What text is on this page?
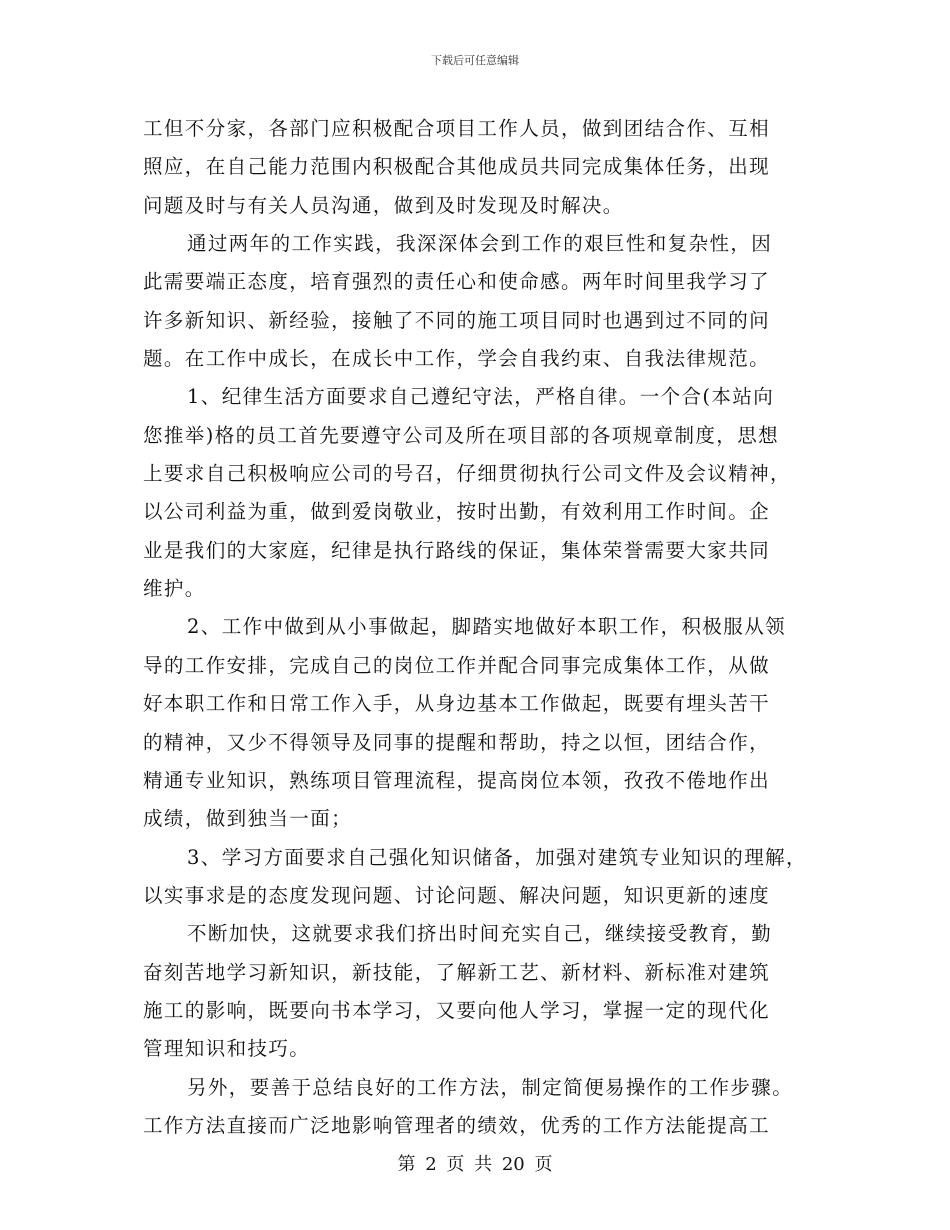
下载后可任意编辑
工但不分家，各部门应积极配合项目工作人员，做到团结合作、互相
照应，在自己能力范围内积极配合其他成员共同完成集体任务，出现
问题及时与有关人员沟通，做到及时发现及时解决。
通过两年的工作实践，我深深体会到工作的艰巨性和复杂性，因
此需要端正态度，培育强烈的责任心和使命感。两年时间里我学习了
许多新知识、新经验，接触了不同的施工项目同时也遇到过不同的问
题。在工作中成长，在成长中工作，学会自我约束、自我法律规范。
1、纪律生活方面要求自己遵纪守法，严格自律。一个合(本站向
您推举)格的员工首先要遵守公司及所在项目部的各项规章制度，思想
上要求自己积极响应公司的号召，仔细贯彻执行公司文件及会议精神，
以公司利益为重，做到爱岗敬业，按时出勤，有效利用工作时间。企
业是我们的大家庭，纪律是执行路线的保证，集体荣誉需要大家共同
维护。
2、工作中做到从小事做起，脚踏实地做好本职工作，积极服从领
导的工作安排，完成自己的岗位工作并配合同事完成集体工作，从做
好本职工作和日常工作入手，从身边基本工作做起，既要有埋头苦干
的精神，又少不得领导及同事的提醒和帮助，持之以恒，团结合作，
精通专业知识，熟练项目管理流程，提高岗位本领，孜孜不倦地作出
成绩，做到独当一面；
3、学习方面要求自己强化知识储备，加强对建筑专业知识的理解，
以实事求是的态度发现问题、讨论问题、解决问题，知识更新的速度
不断加快，这就要求我们挤出时间充实自己，继续接受教育，勤
奋刻苦地学习新知识，新技能，了解新工艺、新材料、新标准对建筑
施工的影响，既要向书本学习，又要向他人学习，掌握一定的现代化
管理知识和技巧。
另外，要善于总结良好的工作方法，制定简便易操作的工作步骤。
工作方法直接而广泛地影响管理者的绩效，优秀的工作方法能提高工
第 2 页 共 20 页
